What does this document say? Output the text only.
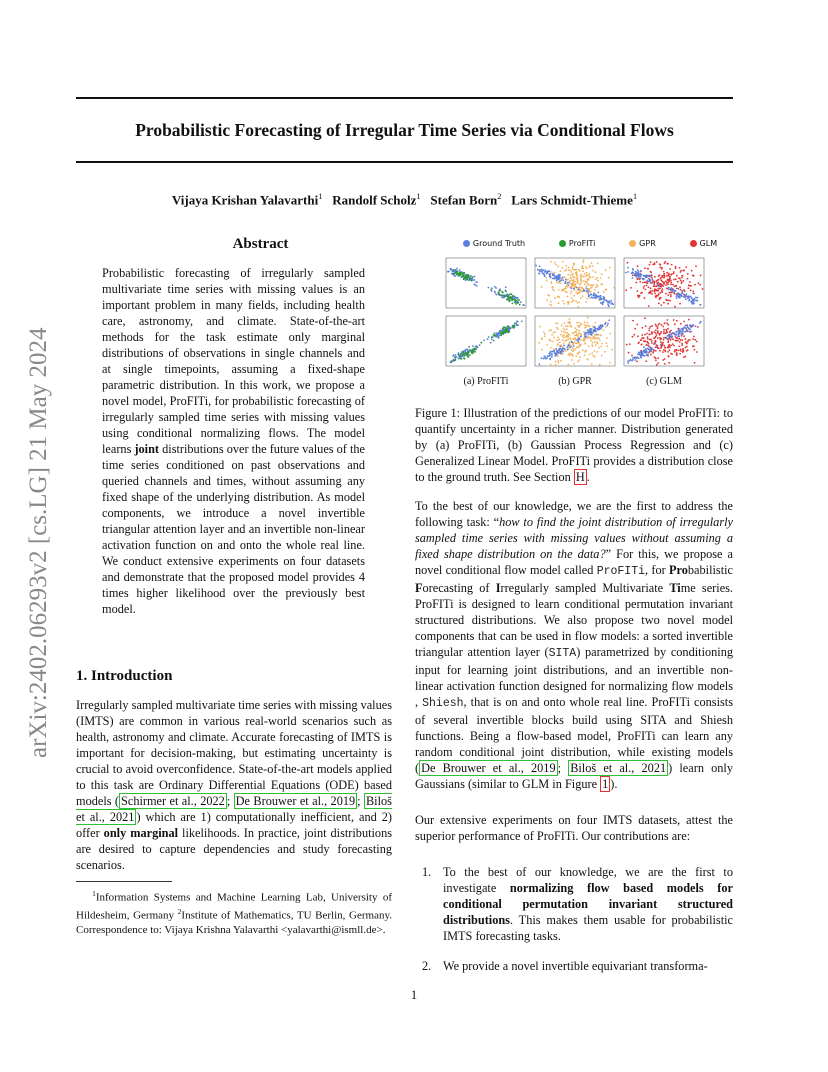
Probabilistic Forecasting of Irregular Time Series via Conditional Flows
Vijaya Krishan Yalavarthi$^1$ Randolf Scholz$^1$ Stefan Born$^2$ Lars Schmidt-Thieme$^1$
arXiv:2402.06293v2 [cs.LG] 21 May 2024
Abstract
Probabilistic forecasting of irregularly sampled multivariate time series with missing values is an important problem in many fields, including health care, astronomy, and climate. State-of-the-art methods for the task estimate only marginal distributions of observations in single channels and at single timepoints, assuming a fixed-shape parametric distribution. In this work, we propose a novel model, ProFITi, for probabilistic forecasting of irregularly sampled time series with missing values using conditional normalizing flows. The model learns joint distributions over the future values of the time series conditioned on past observations and queried channels and times, without assuming any fixed shape of the underlying distribution. As model components, we introduce a novel invertible triangular attention layer and an invertible non-linear activation function on and onto the whole real line. We conduct extensive experiments on four datasets and demonstrate that the proposed model provides 4 times higher likelihood over the previously best model.
1. Introduction
Irregularly sampled multivariate time series with missing values (IMTS) are common in various real-world scenarios such as health, astronomy and climate. Accurate forecasting of IMTS is important for decision-making, but estimating uncertainty is crucial to avoid overconfidence. State-of-the-art models applied to this task are Ordinary Differential Equations (ODE) based models ( Schirmer et al., 2022 ; De Brouwer et al., 2019 ; Biloš et al., 2021 ) which are 1) computationally inefficient, and 2) offer only marginal likelihoods. In practice, joint distributions are desired to capture dependencies and study forecasting scenarios.
$^1$Information Systems and Machine Learning Lab, University of Hildesheim, Germany $^2$Institute of Mathematics, TU Berlin, Germany. Correspondence to: Vijaya Krishna Yalavarthi <yalavarthi@ismll.de>.
1
Ground Truth	ProFITi	GPR	GLM
(a) ProFITi	(b) GPR	(c) GLM
Figure 1: Illustration of the predictions of our model ProFITi: to quantify uncertainty in a richer manner. Distribution generated by (a) ProFITi, (b) Gaussian Process Regression and (c) Generalized Linear Model. ProFITi provides a distribution close to the ground truth. See Section H .
To the best of our knowledge, we are the first to address the following task: “how to find the joint distribution of irregularly sampled time series with missing values without assuming a fixed shape distribution on the data?” For this, we propose a novel conditional flow model called ProFITi, for Probabilistic Forecasting of Irregularly sampled Multivariate Time series. ProFITi is designed to learn conditional permutation invariant structured distributions. We also propose two novel model components that can be used in flow models: a sorted invertible triangular attention layer (SITA) parametrized by conditioning input for learning joint distributions, and an invertible non-linear activation function designed for normalizing flow models , Shiesh, that is on and onto whole real line. ProFITi consists of several invertible blocks build using SITA and Shiesh functions. Being a flow-based model, ProFITi can learn any random conditional joint distribution, while existing models ( De Brouwer et al., 2019 ; Biloš et al., 2021 ) learn only Gaussians (similar to GLM in Figure 1 ).
Our extensive experiments on four IMTS datasets, attest the superior performance of ProFITi. Our contributions are:
1. To the best of our knowledge, we are the first to investigate normalizing flow based models for conditional permutation invariant structured distributions. This makes them usable for probabilistic IMTS forecasting tasks.
2. We provide a novel invertible equivariant transforma-
